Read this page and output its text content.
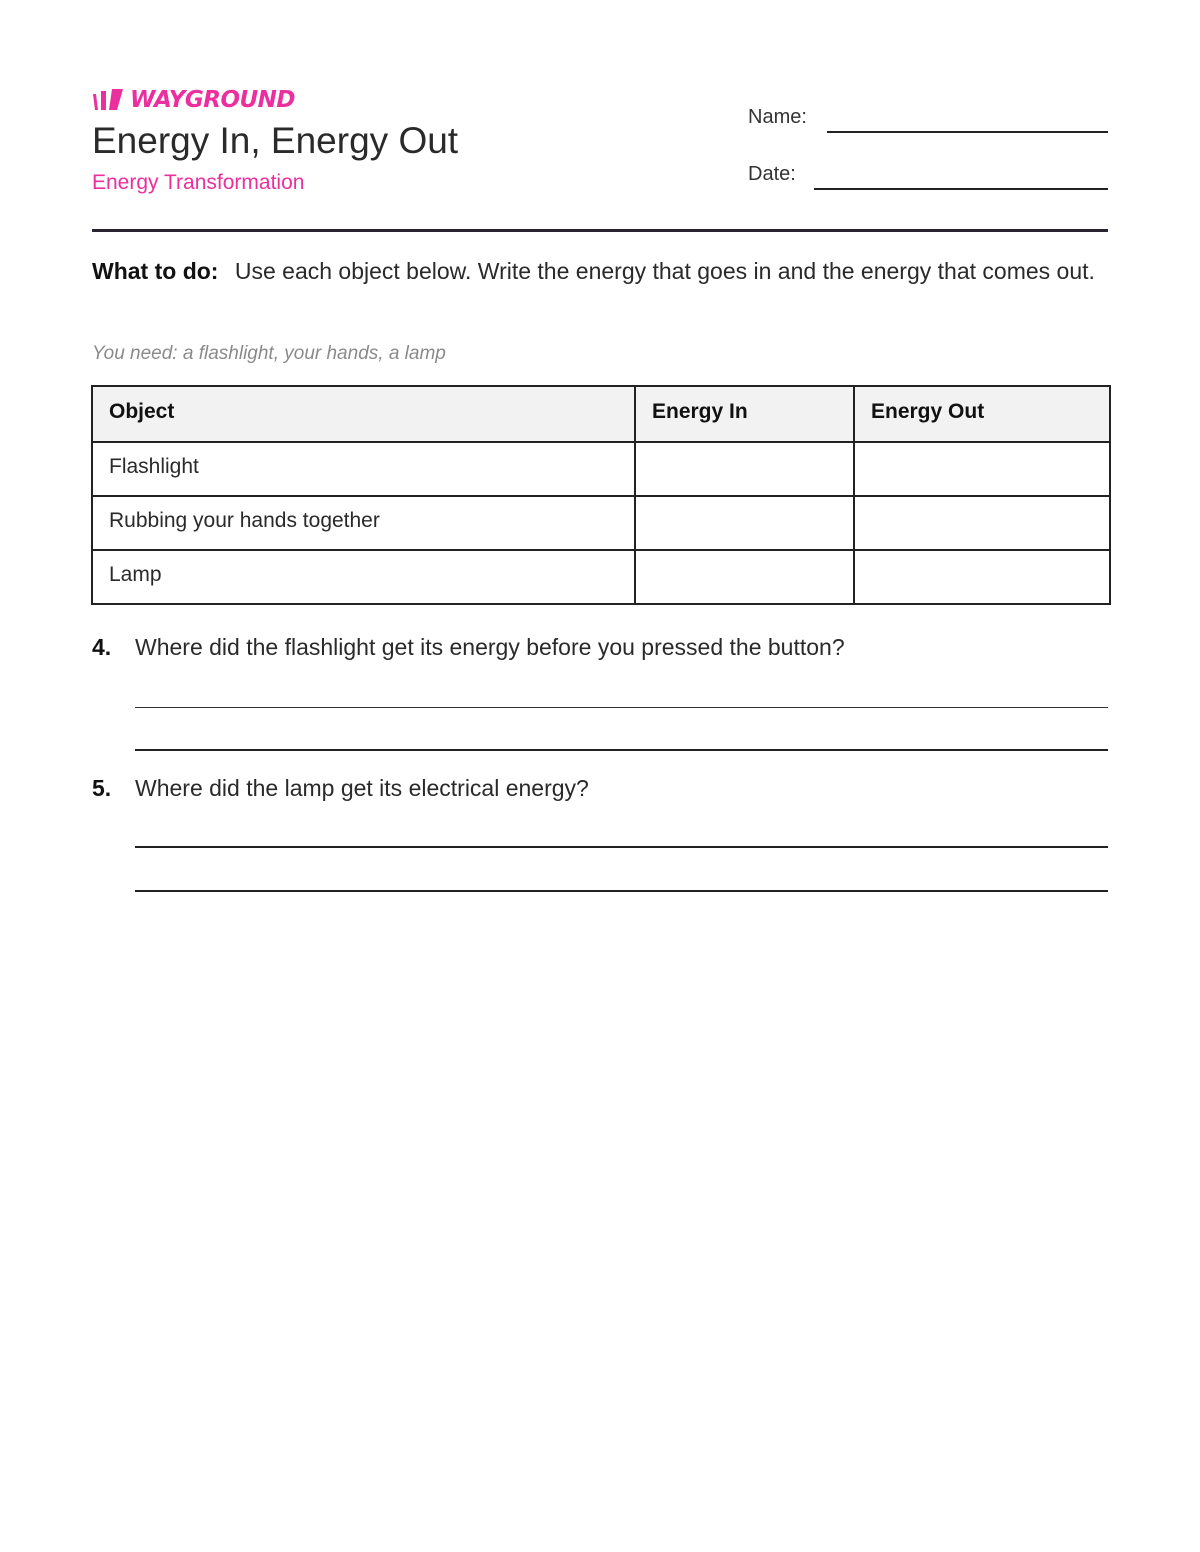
WAYGROUND
Energy In, Energy Out
Energy Transformation
Name:
Date:

What to do: Use each object below. Write the energy that goes in and the energy that comes out.

You need: a flashlight, your hands, a lamp
Object	Energy In	Energy Out
Flashlight		
Rubbing your hands together		
Lamp		
4. Where did the flashlight get its energy before you pressed the button?
5. Where did the lamp get its electrical energy?
